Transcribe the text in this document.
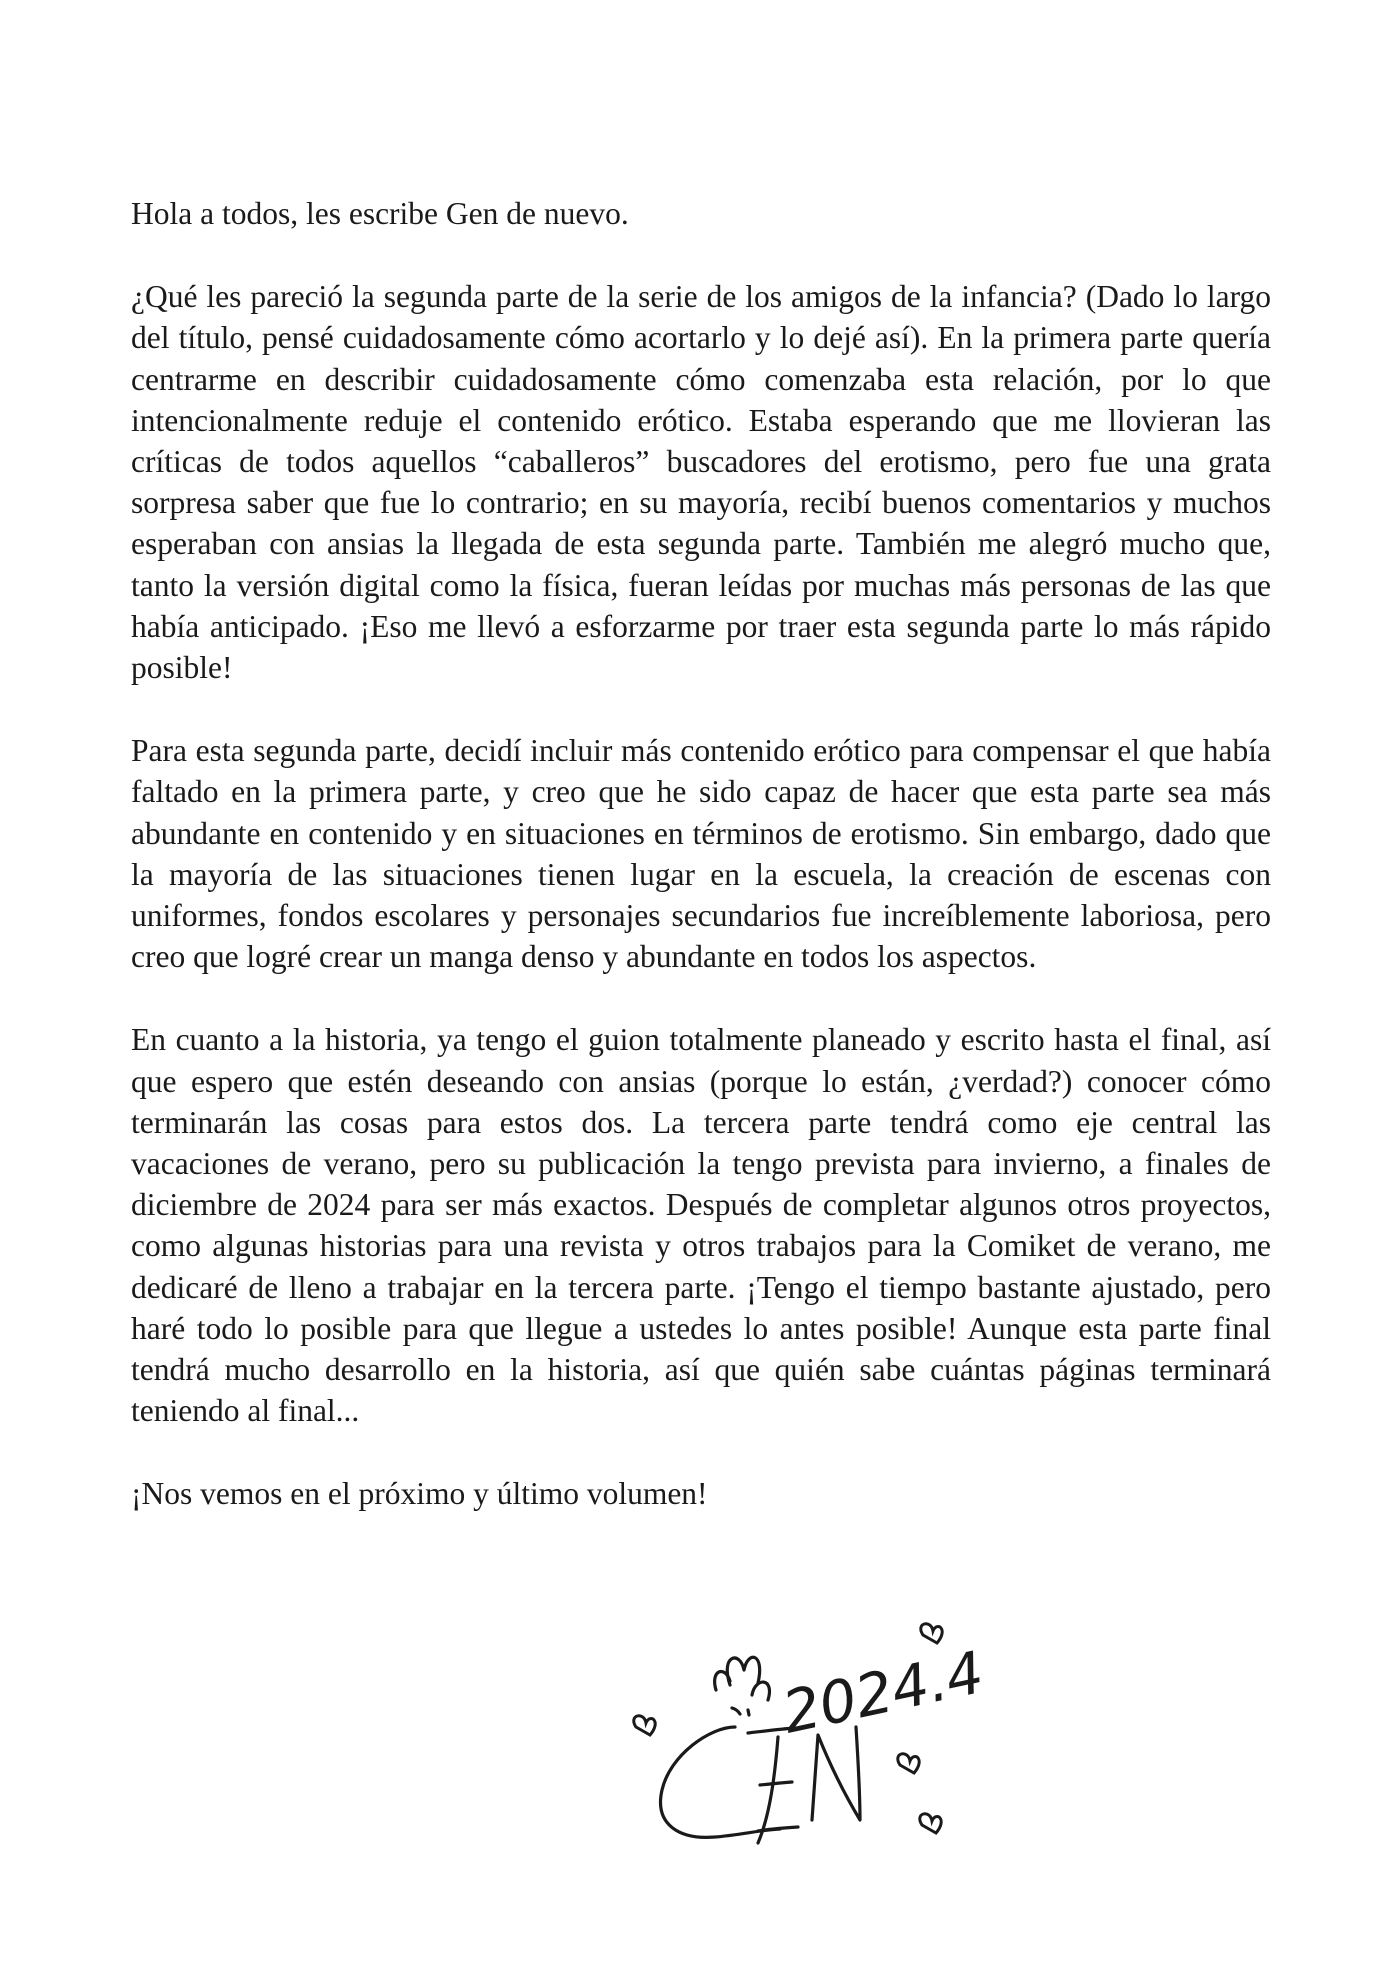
Hola a todos, les escribe Gen de nuevo.

¿Qué les pareció la segunda parte de la serie de los amigos de la infancia? (Dado lo largo del título, pensé cuidadosamente cómo acortarlo y lo dejé así). En la primera parte quería centrarme en describir cuidadosamente cómo comenzaba esta relación, por lo que intencionalmente reduje el contenido erótico. Estaba esperando que me llovieran las críticas de todos aquellos “caballeros” buscadores del erotismo, pero fue una grata sorpresa saber que fue lo contrario; en su mayoría, recibí buenos comentarios y muchos esperaban con ansias la llegada de esta segunda parte. También me alegró mucho que, tanto la versión digital como la física, fueran leídas por muchas más personas de las que había anticipado. ¡Eso me llevó a esforzarme por traer esta segunda parte lo más rápido posible!

Para esta segunda parte, decidí incluir más contenido erótico para compensar el que había faltado en la primera parte, y creo que he sido capaz de hacer que esta parte sea más abundante en contenido y en situaciones en términos de erotismo. Sin embargo, dado que la mayoría de las situaciones tienen lugar en la escuela, la creación de escenas con uniformes, fondos escolares y personajes secundarios fue increíblemente laboriosa, pero creo que logré crear un manga denso y abundante en todos los aspectos.

En cuanto a la historia, ya tengo el guion totalmente planeado y escrito hasta el final, así que espero que estén deseando con ansias (porque lo están, ¿verdad?) conocer cómo terminarán las cosas para estos dos. La tercera parte tendrá como eje central las vacaciones de verano, pero su publicación la tengo prevista para invierno, a finales de diciembre de 2024 para ser más exactos. Después de completar algunos otros proyectos, como algunas historias para una revista y otros trabajos para la Comiket de verano, me dedicaré de lleno a trabajar en la tercera parte. ¡Tengo el tiempo bastante ajustado, pero haré todo lo posible para que llegue a ustedes lo antes posible! Aunque esta parte final tendrá mucho desarrollo en la historia, así que quién sabe cuántas páginas terminará teniendo al final...

¡Nos vemos en el próximo y último volumen!

2024.4
